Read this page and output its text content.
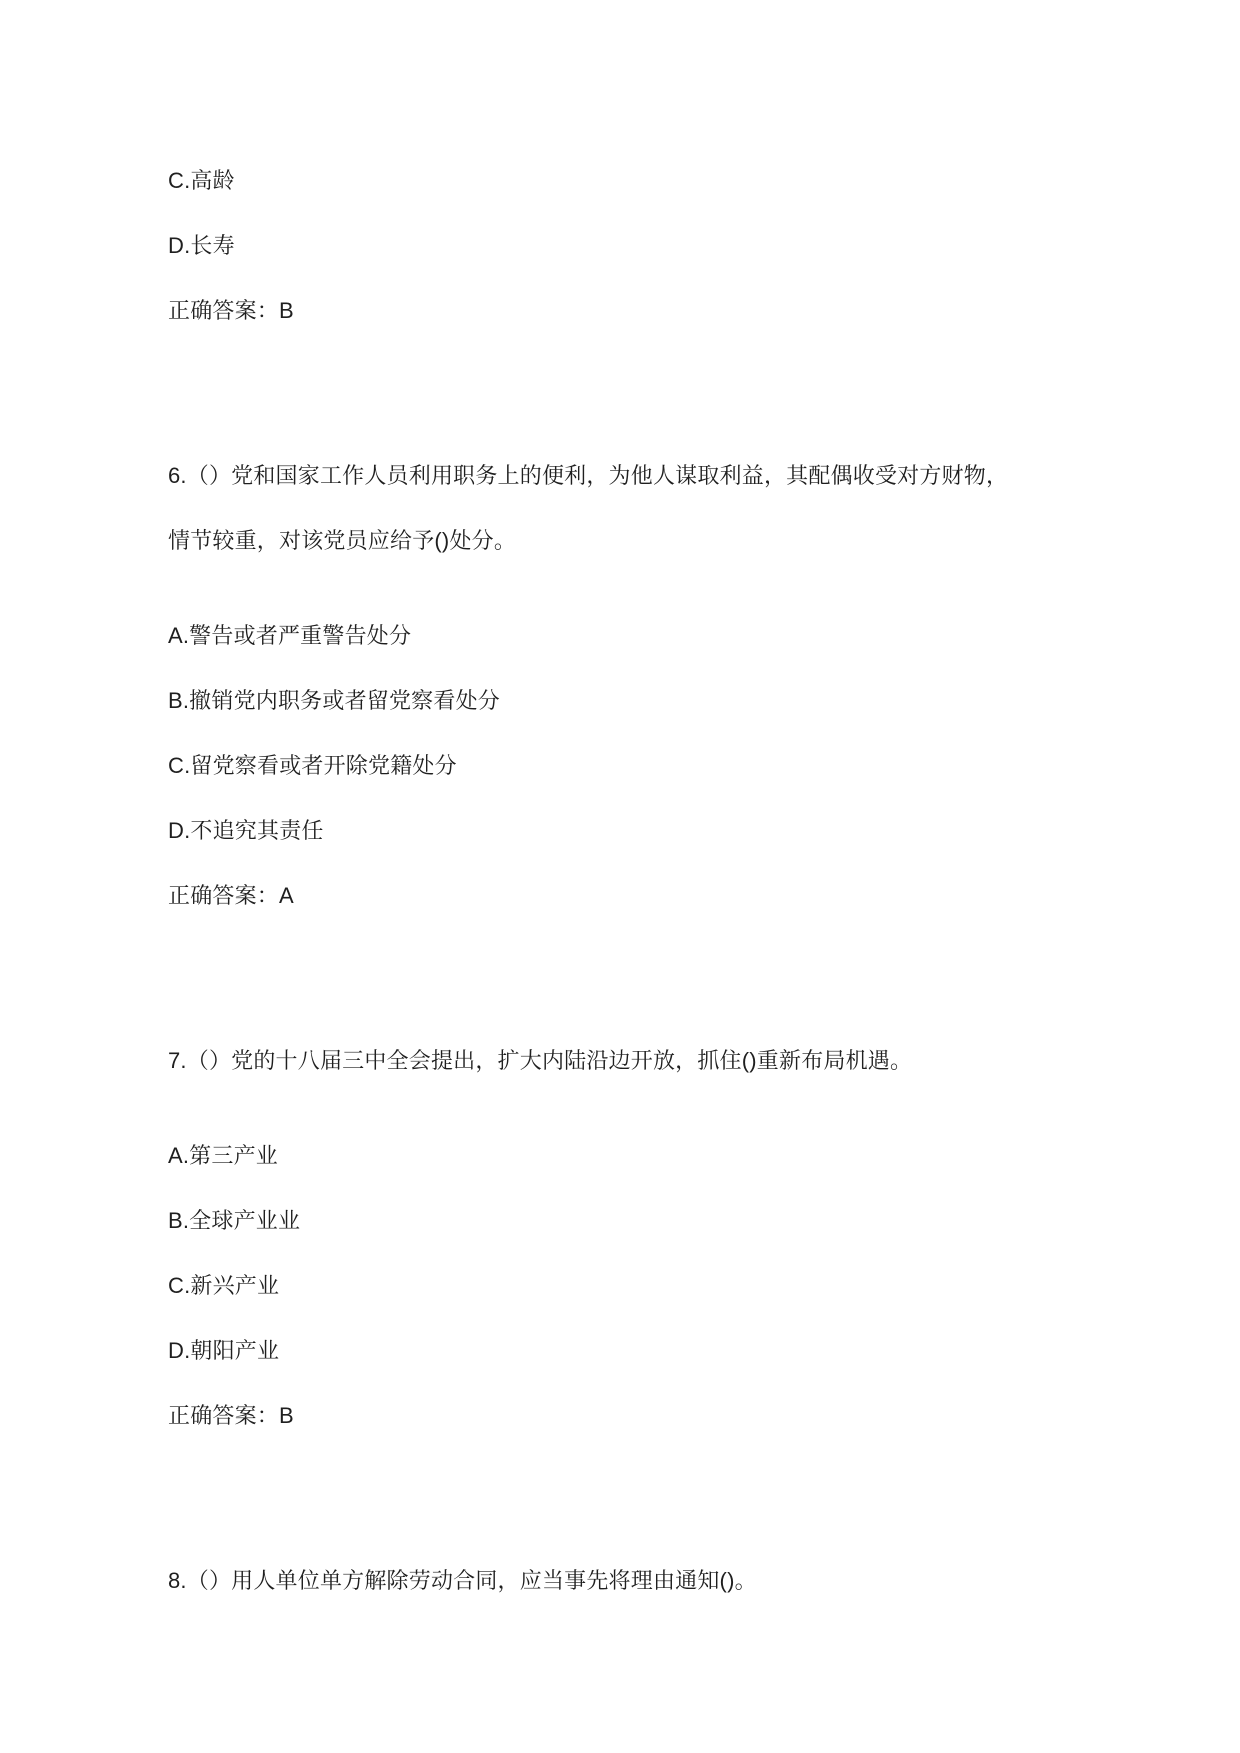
C.高龄

D.长寿

正确答案：B

6.（）党和国家工作人员利用职务上的便利，为他人谋取利益，其配偶收受对方财物，

情节较重，对该党员应给予()处分。

A.警告或者严重警告处分

B.撤销党内职务或者留党察看处分

C.留党察看或者开除党籍处分

D.不追究其责任

正确答案：A

7.（）党的十八届三中全会提出，扩大内陆沿边开放，抓住()重新布局机遇。

A.第三产业

B.全球产业业

C.新兴产业

D.朝阳产业

正确答案：B

8.（）用人单位单方解除劳动合同，应当事先将理由通知()。
